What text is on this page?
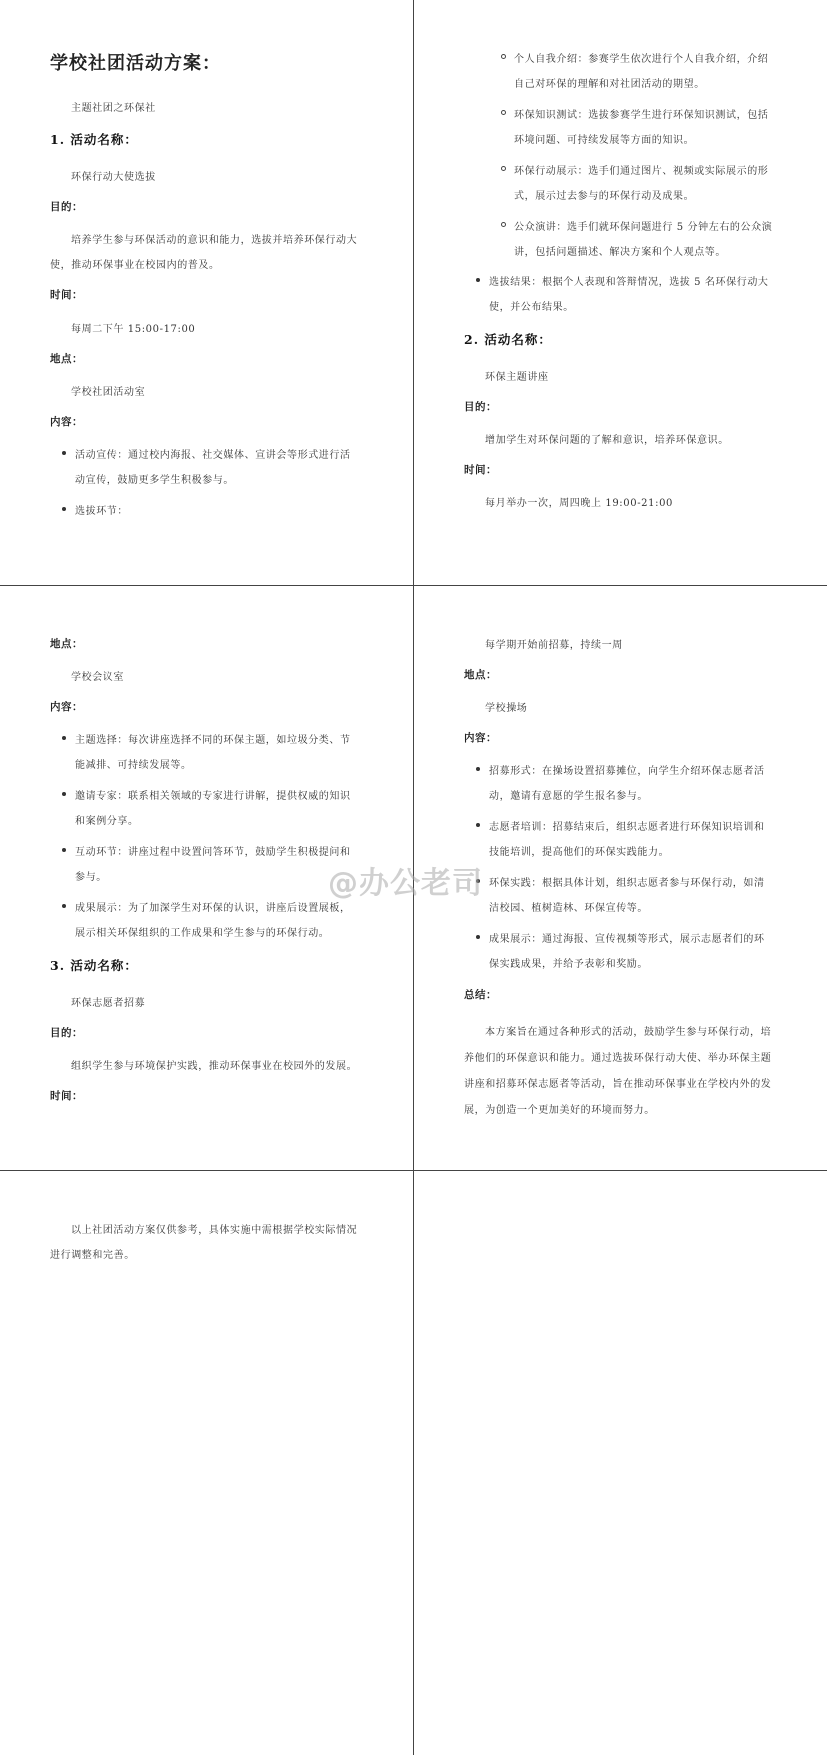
学校社团活动方案：
主题社团之环保社
1. 活动名称：
环保行动大使选拔
目的：
培养学生参与环保活动的意识和能力，选拔并培养环保行动大
使，推动环保事业在校园内的普及。
时间：
每周二下午 15:00-17:00
地点：
学校社团活动室
内容：
活动宣传：通过校内海报、社交媒体、宣讲会等形式进行活
动宣传，鼓励更多学生积极参与。
选拔环节：
个人自我介绍：参赛学生依次进行个人自我介绍，介绍
自己对环保的理解和对社团活动的期望。
环保知识测试：选拔参赛学生进行环保知识测试，包括
环境问题、可持续发展等方面的知识。
环保行动展示：选手们通过图片、视频或实际展示的形
式，展示过去参与的环保行动及成果。
公众演讲：选手们就环保问题进行 5 分钟左右的公众演
讲，包括问题描述、解决方案和个人观点等。
选拔结果：根据个人表现和答辩情况，选拔 5 名环保行动大
使，并公布结果。
2. 活动名称：
环保主题讲座
目的：
增加学生对环保问题的了解和意识，培养环保意识。
时间：
每月举办一次，周四晚上 19:00-21:00
地点：
学校会议室
内容：
主题选择：每次讲座选择不同的环保主题，如垃圾分类、节
能减排、可持续发展等。
邀请专家：联系相关领域的专家进行讲解，提供权威的知识
和案例分享。
互动环节：讲座过程中设置问答环节，鼓励学生积极提问和
参与。
成果展示：为了加深学生对环保的认识，讲座后设置展板，
展示相关环保组织的工作成果和学生参与的环保行动。
3. 活动名称：
环保志愿者招募
目的：
组织学生参与环境保护实践，推动环保事业在校园外的发展。
时间：
每学期开始前招募，持续一周
地点：
学校操场
内容：
招募形式：在操场设置招募摊位，向学生介绍环保志愿者活
动，邀请有意愿的学生报名参与。
志愿者培训：招募结束后，组织志愿者进行环保知识培训和
技能培训，提高他们的环保实践能力。
环保实践：根据具体计划，组织志愿者参与环保行动，如清
洁校园、植树造林、环保宣传等。
成果展示：通过海报、宣传视频等形式，展示志愿者们的环
保实践成果，并给予表彰和奖励。
总结：
本方案旨在通过各种形式的活动，鼓励学生参与环保行动，培
养他们的环保意识和能力。通过选拔环保行动大使、举办环保主题
讲座和招募环保志愿者等活动，旨在推动环保事业在学校内外的发
展，为创造一个更加美好的环境而努力。
以上社团活动方案仅供参考，具体实施中需根据学校实际情况
进行调整和完善。
@办公老司
